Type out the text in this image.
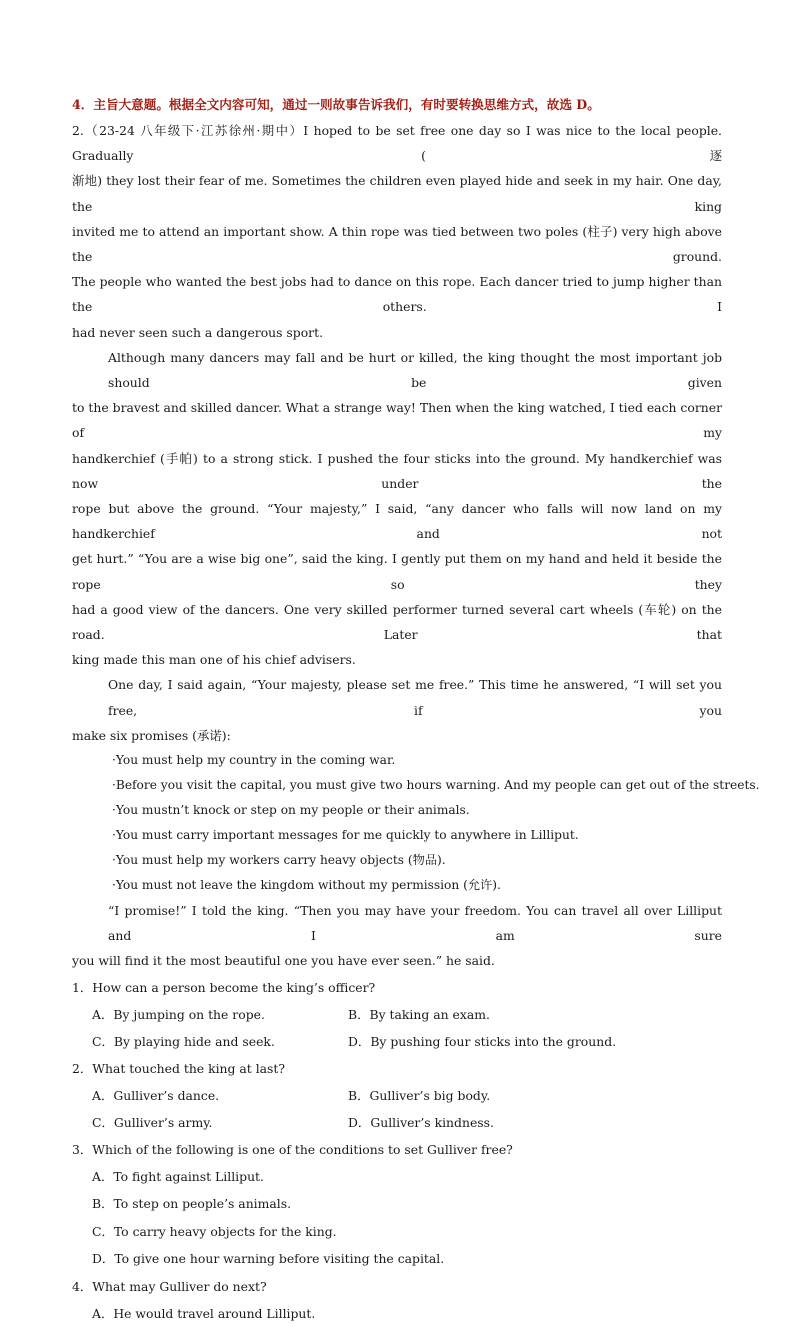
4．主旨大意题。根据全文内容可知，通过一则故事告诉我们，有时要转换思维方式，故选 D。
2.（23-24 八年级下·江苏徐州·期中）I hoped to be set free one day so I was nice to the local people. Gradually (逐
渐地) they lost their fear of me. Sometimes the children even played hide and seek in my hair. One day, the king
invited me to attend an important show. A thin rope was tied between two poles (柱子) very high above the ground.
The people who wanted the best jobs had to dance on this rope. Each dancer tried to jump higher than the others. I
had never seen such a dangerous sport.
Although many dancers may fall and be hurt or killed, the king thought the most important job should be given
to the bravest and skilled dancer. What a strange way! Then when the king watched, I tied each corner of my
handkerchief (手帕) to a strong stick. I pushed the four sticks into the ground. My handkerchief was now under the
rope but above the ground. “Your majesty,” I said, “any dancer who falls will now land on my handkerchief and not
get hurt.” “You are a wise big one”, said the king. I gently put them on my hand and held it beside the rope so they
had a good view of the dancers. One very skilled performer turned several cart wheels (车轮) on the road. Later that
king made this man one of his chief advisers.
One day, I said again, “Your majesty, please set me free.” This time he answered, “I will set you free, if you
make six promises (承诺):
·You must help my country in the coming war.
·Before you visit the capital, you must give two hours warning. And my people can get out of the streets.
·You mustn’t knock or step on my people or their animals.
·You must carry important messages for me quickly to anywhere in Lilliput.
·You must help my workers carry heavy objects (物品).
·You must not leave the kingdom without my permission (允许).
“I promise!” I told the king. “Then you may have your freedom. You can travel all over Lilliput and I am sure
you will find it the most beautiful one you have ever seen.” he said.
1．How can a person become the king’s officer?
A．By jumping on the rope.	B．By taking an exam.
C．By playing hide and seek.	D．By pushing four sticks into the ground.
2．What touched the king at last?
A．Gulliver’s dance.	B．Gulliver’s big body.
C．Gulliver’s army.	D．Gulliver’s kindness.
3．Which of the following is one of the conditions to set Gulliver free?
A．To fight against Lilliput.
B．To step on people’s animals.
C．To carry heavy objects for the king.
D．To give one hour warning before visiting the capital.
4．What may Gulliver do next?
A．He would travel around Lilliput.
